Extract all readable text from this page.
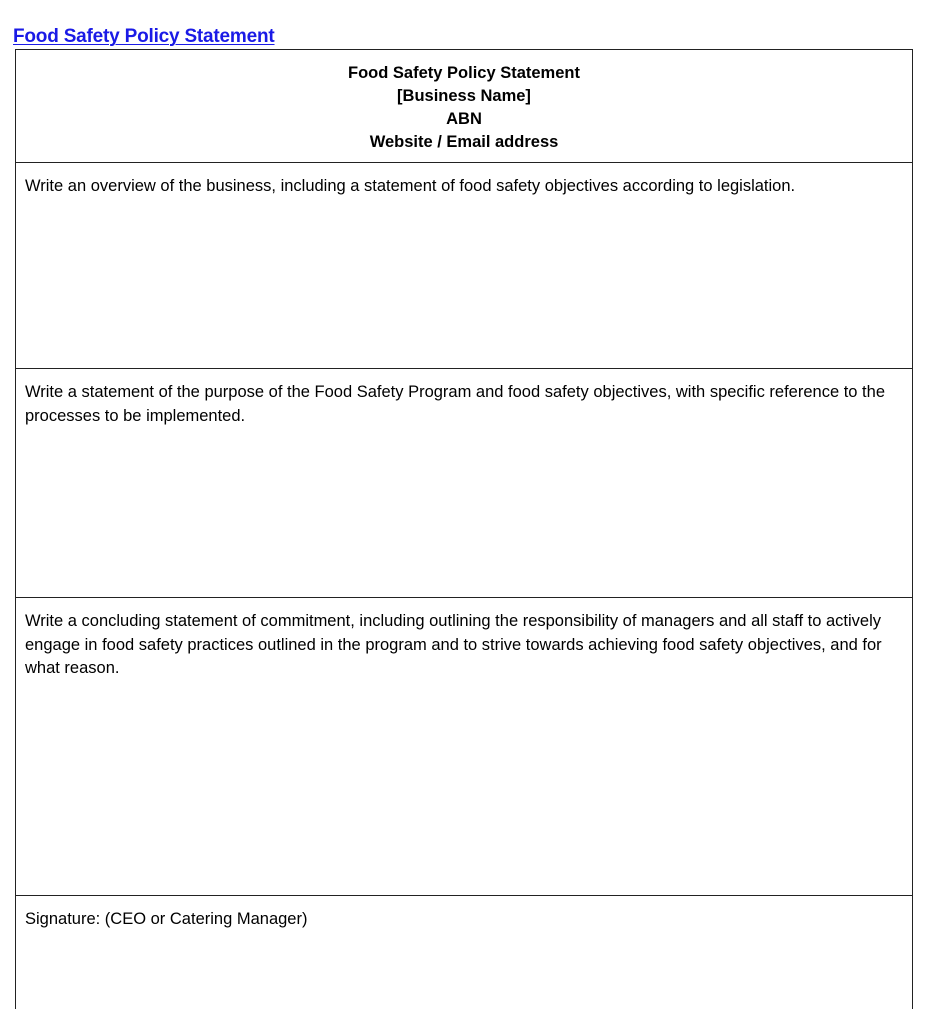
Food Safety Policy Statement
Food Safety Policy Statement
[Business Name]
ABN
Website / Email address
Write an overview of the business, including a statement of food safety objectives according to legislation.
Write a statement of the purpose of the Food Safety Program and food safety objectives, with specific reference to the processes to be implemented.
Write a concluding statement of commitment, including outlining the responsibility of managers and all staff to actively engage in food safety practices outlined in the program and to strive towards achieving food safety objectives, and for what reason.
Signature: (CEO or Catering Manager)
